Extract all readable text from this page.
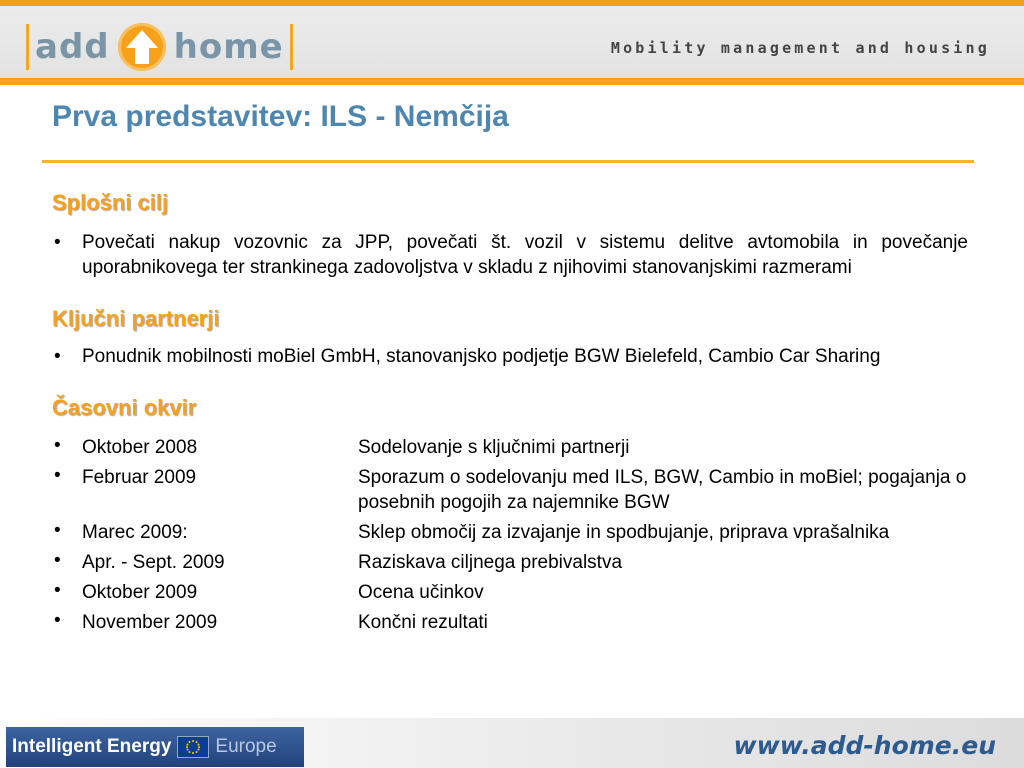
add home	Mobility management and housing
Prva predstavitev: ILS - Nemčija
Splošni cilj
• Povečati nakup vozovnic za JPP, povečati št. vozil v sistemu delitve avtomobila in povečanje uporabnikovega ter strankinega zadovoljstva v skladu z njihovimi stanovanjskimi razmerami
Ključni partnerji
• Ponudnik mobilnosti moBiel GmbH, stanovanjsko podjetje BGW Bielefeld, Cambio Car Sharing
Časovni okvir
• Oktober 2008	Sodelovanje s ključnimi partnerji
• Februar 2009	Sporazum o sodelovanju med ILS, BGW, Cambio in moBiel; pogajanja o posebnih pogojih za najemnike BGW
• Marec 2009:	Sklep območij za izvajanje in spodbujanje, priprava vprašalnika
• Apr. - Sept. 2009	Raziskava ciljnega prebivalstva
• Oktober 2009	Ocena učinkov
• November 2009	Končni rezultati
Intelligent Energy Europe	www.add-home.eu
